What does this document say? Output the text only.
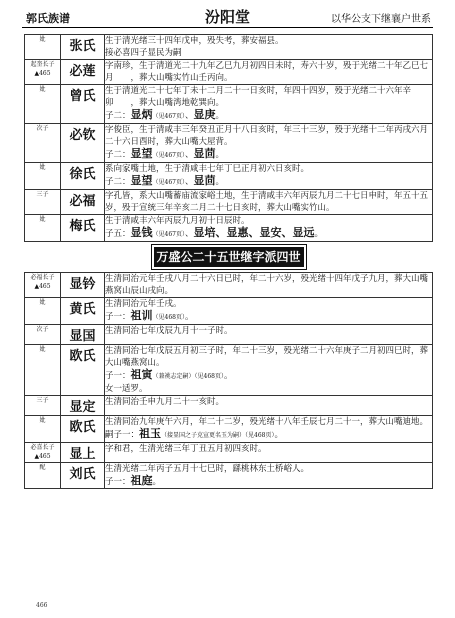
郭氏族谱	汾阳堂	以华公支下继襄户世系
妣	张氏	生于清光绪三十四年戊申，殁失考，葬安福县。
接必喜四子显民为嗣

起奎长子
▲465	必莲	字南珍，生于清道光二十九年乙巳九月初四日未时，寿六十岁，殁于光绪二十年乙巳七月　　，葬大山嘴实竹山壬丙向。

妣	曾氏	生于清道光二十七年丁未十二月二十一日亥时，年四十四岁，殁于光绪二十六年辛卯　　，葬大山嘴湾地乾巽向。
子二：显炳（见467页）、显庚。

次子	必钦	字俊臣，生于清咸丰三年癸丑正月十八日亥时，年三十三岁，殁于光绪十二年丙戌六月二十六日酉时，葬大山嘴大屋背。
子二：显望（见467页）、显茴。

妣	徐氏	系向家嘴土地，生于清咸丰七年丁巳正月初六日亥时。
子二：显望（见467页）、显茴。

三子	必福	字孔皆，系大山嘴蓄庙流家峪土地，生于清咸丰六年丙辰九月二十七日申时，年五十五岁，殁于宣统三年辛亥二月二十七日亥时，葬大山嘴实竹山。

妣	梅氏	生于清咸丰六年丙辰九月初十日辰时。
子五：显钱（见467页）、显培、显惠、显安、显远。

万盛公二十五世继字派四世		

必福长子
▲465	显钤	生清同治元年壬戌八月二十六日已时，年二十六岁，殁光绪十四年戊子九月，葬大山嘴燕窝山辰山戌向。

妣	黄氏	生清同治元年壬戌。
子一：祖训（见468页）。

次子	显国	生清同治七年戊辰九月十一子时。

妣	欧氏	生清同治七年戊辰五月初三子时，年二十三岁，殁光绪二十六年庚子二月初四巳时，葬大山嘴燕窝山。
子一：祖寅（兼祧志定嗣）（见468页）。
女一适罗。

三子	显定	生清同治壬申九月二十一亥时。

妣	欧氏	生清同治九年庚午六月，年二十二岁，殁光绪十八年壬辰七月二十一，葬大山嘴迪地。
嗣子一：祖玉（接显国之子克宣更名玉为嗣）（见468页）。

必喜长子
▲465	显上	字和君，生清光绪三年丁丑五月初四亥时。

配	刘氏	生清光绪二年丙子五月十七巳时，繇桃林东土桥峪人。
子一：祖庭。
466
